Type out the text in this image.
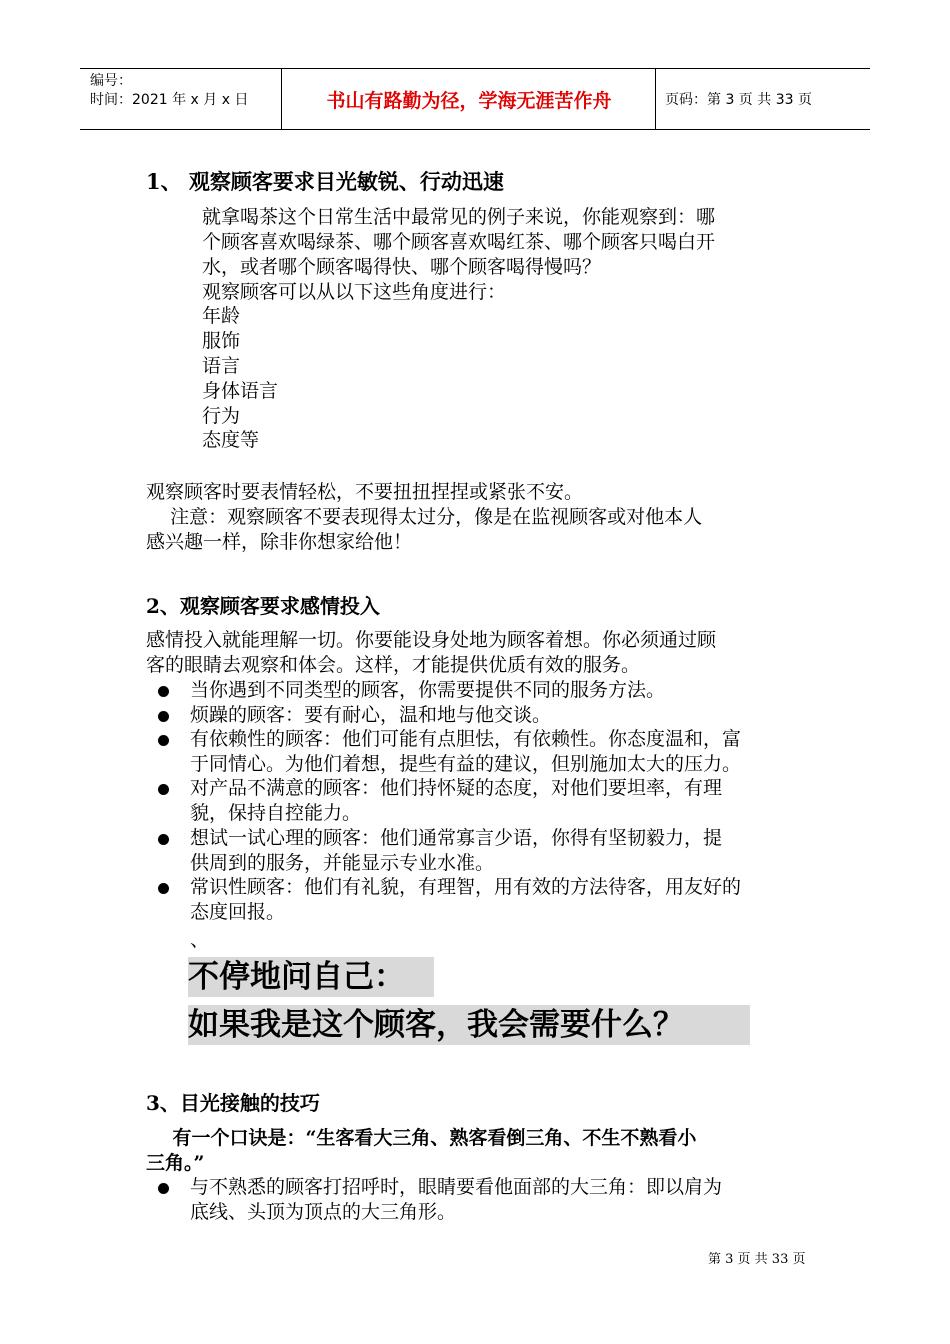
编号：
时间：2021 年 x 月 x 日	书山有路勤为径，学海无涯苦作舟	页码：第 3 页 共 33 页
1、 观察顾客要求目光敏锐、行动迅速
就拿喝茶这个日常生活中最常见的例子来说，你能观察到：哪
个顾客喜欢喝绿茶、哪个顾客喜欢喝红茶、哪个顾客只喝白开
水，或者哪个顾客喝得快、哪个顾客喝得慢吗？
观察顾客可以从以下这些角度进行：
年龄
服饰
语言
身体语言
行为
态度等
观察顾客时要表情轻松，不要扭扭捏捏或紧张不安。
注意：观察顾客不要表现得太过分，像是在监视顾客或对他本人
感兴趣一样，除非你想家给他！
2、观察顾客要求感情投入
感情投入就能理解一切。你要能设身处地为顾客着想。你必须通过顾
客的眼睛去观察和体会。这样，才能提供优质有效的服务。
当你遇到不同类型的顾客，你需要提供不同的服务方法。
烦躁的顾客：要有耐心，温和地与他交谈。
有依赖性的顾客：他们可能有点胆怯，有依赖性。你态度温和，富
于同情心。为他们着想，提些有益的建议，但别施加太大的压力。
对产品不满意的顾客：他们持怀疑的态度，对他们要坦率，有理
貌，保持自控能力。
想试一试心理的顾客：他们通常寡言少语，你得有坚韧毅力，提
供周到的服务，并能显示专业水准。
常识性顾客：他们有礼貌，有理智，用有效的方法待客，用友好的
态度回报。
、
不停地问自己：
如果我是这个顾客，我会需要什么？
3、目光接触的技巧
有一个口诀是：“生客看大三角、熟客看倒三角、不生不熟看小
三角。”
与不熟悉的顾客打招呼时，眼睛要看他面部的大三角：即以肩为
底线、头顶为顶点的大三角形。
第 3 页 共 33 页
